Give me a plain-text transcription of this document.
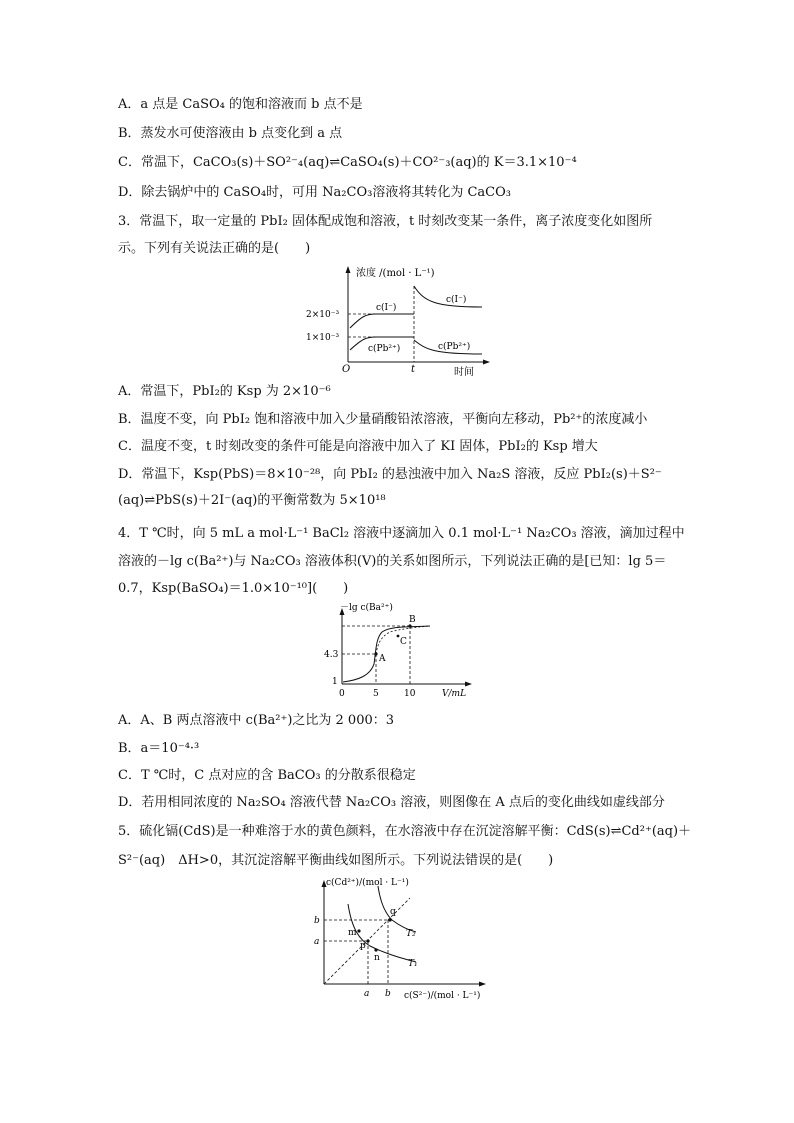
A．a 点是 CaSO₄ 的饱和溶液而 b 点不是
B．蒸发水可使溶液由 b 点变化到 a 点
C．常温下，CaCO₃(s)＋SO²⁻₄(aq)⇌CaSO₄(s)＋CO²⁻₃(aq)的 K＝3.1×10⁻⁴
D．除去锅炉中的 CaSO₄时，可用 Na₂CO₃溶液将其转化为 CaCO₃
3．常温下，取一定量的 PbI₂ 固体配成饱和溶液，t 时刻改变某一条件，离子浓度变化如图所
示。下列有关说法正确的是(　　)
浓度 /(mol · L⁻¹)
2×10⁻³
1×10⁻³
O	t	时间
c(I⁻)
c(Pb²⁺)
c(I⁻)
c(Pb²⁺)
A．常温下，PbI₂的 Ksp 为 2×10⁻⁶
B．温度不变，向 PbI₂ 饱和溶液中加入少量硝酸铅浓溶液，平衡向左移动，Pb²⁺的浓度减小
C．温度不变，t 时刻改变的条件可能是向溶液中加入了 KI 固体，PbI₂的 Ksp 增大
D．常温下，Ksp(PbS)＝8×10⁻²⁸，向 PbI₂ 的悬浊液中加入 Na₂S 溶液，反应 PbI₂(s)＋S²⁻
(aq)⇌PbS(s)＋2I⁻(aq)的平衡常数为 5×10¹⁸
4．T ℃时，向 5 mL a mol·L⁻¹ BaCl₂ 溶液中逐滴加入 0.1 mol·L⁻¹ Na₂CO₃ 溶液，滴加过程中
溶液的－lg c(Ba²⁺)与 Na₂CO₃ 溶液体积(V)的关系如图所示，下列说法正确的是[已知：lg 5＝
0.7，Ksp(BaSO₄)＝1.0×10⁻¹⁰](　　)
－lg c(Ba²⁺)
4.3
1
0	5	10	V/mL
A
B
C
A．A、B 两点溶液中 c(Ba²⁺)之比为 2 000：3
B．a＝10⁻⁴·³
C．T ℃时，C 点对应的含 BaCO₃ 的分散系很稳定
D．若用相同浓度的 Na₂SO₄ 溶液代替 Na₂CO₃ 溶液，则图像在 A 点后的变化曲线如虚线部分
5．硫化镉(CdS)是一种难溶于水的黄色颜料，在水溶液中存在沉淀溶解平衡：CdS(s)⇌Cd²⁺(aq)＋
S²⁻(aq)　ΔH>0，其沉淀溶解平衡曲线如图所示。下列说法错误的是(　　)
c(Cd²⁺)/(mol · L⁻¹)
b
a
a b c(S²⁻)/(mol · L⁻¹)
m
p
n
q
T₂
T₁
